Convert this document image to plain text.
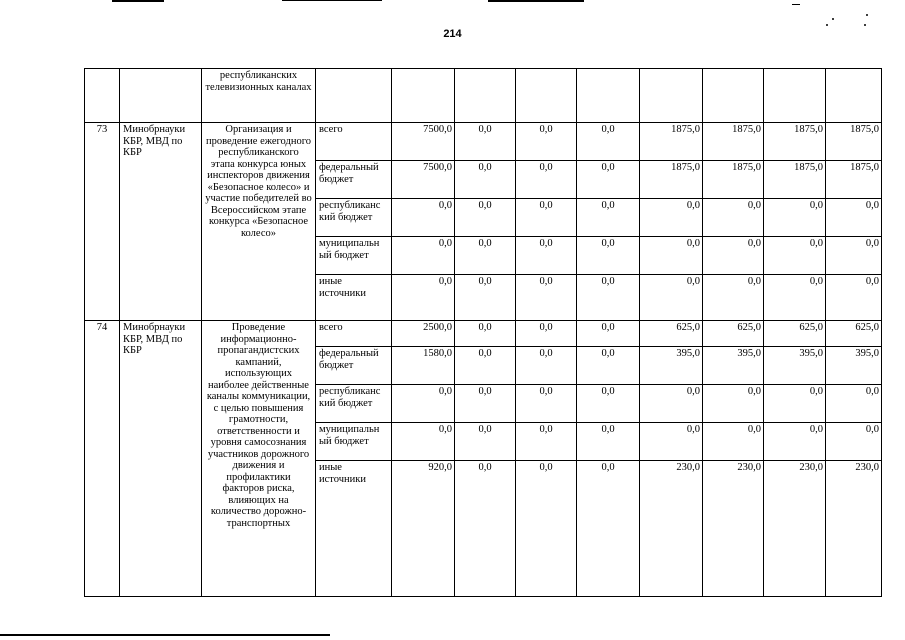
214
		республиканских телевизионных каналах									
73	Минобрнауки КБР, МВД по КБР	Организация и проведение ежегодного республиканского этапа конкурса юных инспекторов движения «Безопасное колесо» и участие победителей во Всероссийском этапе конкурса «Безопасное колесо»	всего	7500,0	0,0	0,0	0,0	1875,0	1875,0	1875,0	1875,0
			федеральный бюджет	7500,0	0,0	0,0	0,0	1875,0	1875,0	1875,0	1875,0
			республиканс кий бюджет	0,0	0,0	0,0	0,0	0,0	0,0	0,0	0,0
			муниципальн ый бюджет	0,0	0,0	0,0	0,0	0,0	0,0	0,0	0,0
			иные источники	0,0	0,0	0,0	0,0	0,0	0,0	0,0	0,0
74	Минобрнауки КБР, МВД по КБР	Проведение информационно-пропагандистских кампаний, использующих наиболее действенные каналы коммуникации, с целью повышения грамотности, ответственности и уровня самосознания участников дорожного движения и профилактики факторов риска, влияющих на количество дорожно-транспортных	всего	2500,0	0,0	0,0	0,0	625,0	625,0	625,0	625,0
			федеральный бюджет	1580,0	0,0	0,0	0,0	395,0	395,0	395,0	395,0
			республиканс кий бюджет	0,0	0,0	0,0	0,0	0,0	0,0	0,0	0,0
			муниципальн ый бюджет	0,0	0,0	0,0	0,0	0,0	0,0	0,0	0,0
			иные источники	920,0	0,0	0,0	0,0	230,0	230,0	230,0	230,0
